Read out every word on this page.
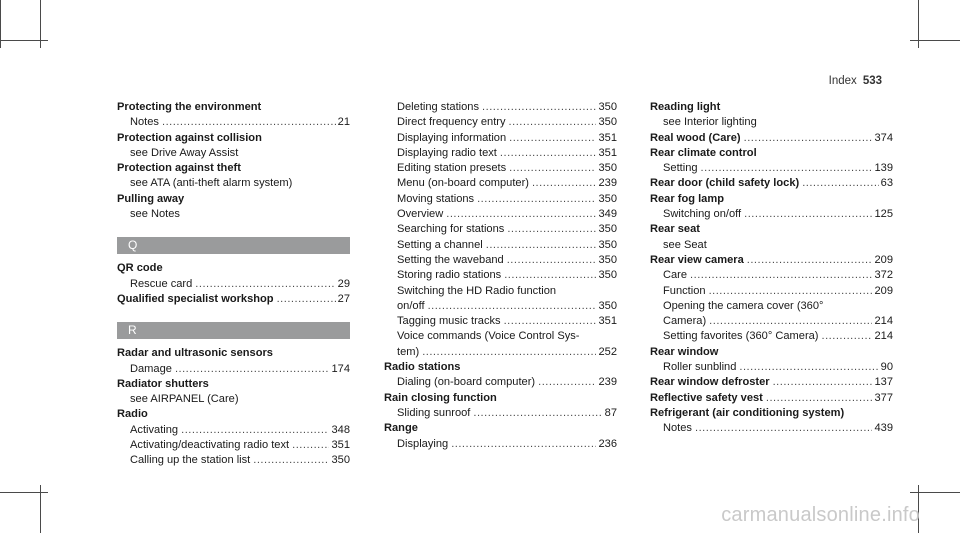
Index 533
Protecting the environment
Notes .....	21
Protection against collision
see Drive Away Assist
Protection against theft
see ATA (anti-theft alarm system)
Pulling away
see Notes
Q
QR code
Rescue card .....	29
Qualified specialist workshop .....	27
R
Radar and ultrasonic sensors
Damage .....	174
Radiator shutters
see AIRPANEL (Care)
Radio
Activating .....	348
Activating/deactivating radio text .....	351
Calling up the station list .....	350
Deleting stations .....	350
Direct frequency entry .....	350
Displaying information .....	351
Displaying radio text .....	351
Editing station presets .....	350
Menu (on-board computer) .....	239
Moving stations .....	350
Overview .....	349
Searching for stations .....	350
Setting a channel .....	350
Setting the waveband .....	350
Storing radio stations .....	350
Switching the HD Radio function
on/off .....	350
Tagging music tracks .....	351
Voice commands (Voice Control Sys-
tem) .....	252
Radio stations
Dialing (on-board computer) .....	239
Rain closing function
Sliding sunroof .....	87
Range
Displaying .....	236
Reading light
see Interior lighting
Real wood (Care) .....	374
Rear climate control
Setting .....	139
Rear door (child safety lock) .....	63
Rear fog lamp
Switching on/off .....	125
Rear seat
see Seat
Rear view camera .....	209
Care .....	372
Function .....	209
Opening the camera cover (360°
Camera) .....	214
Setting favorites (360° Camera) .....	214
Rear window
Roller sunblind .....	90
Rear window defroster .....	137
Reflective safety vest .....	377
Refrigerant (air conditioning system)
Notes .....	439
carmanualsonline.info
